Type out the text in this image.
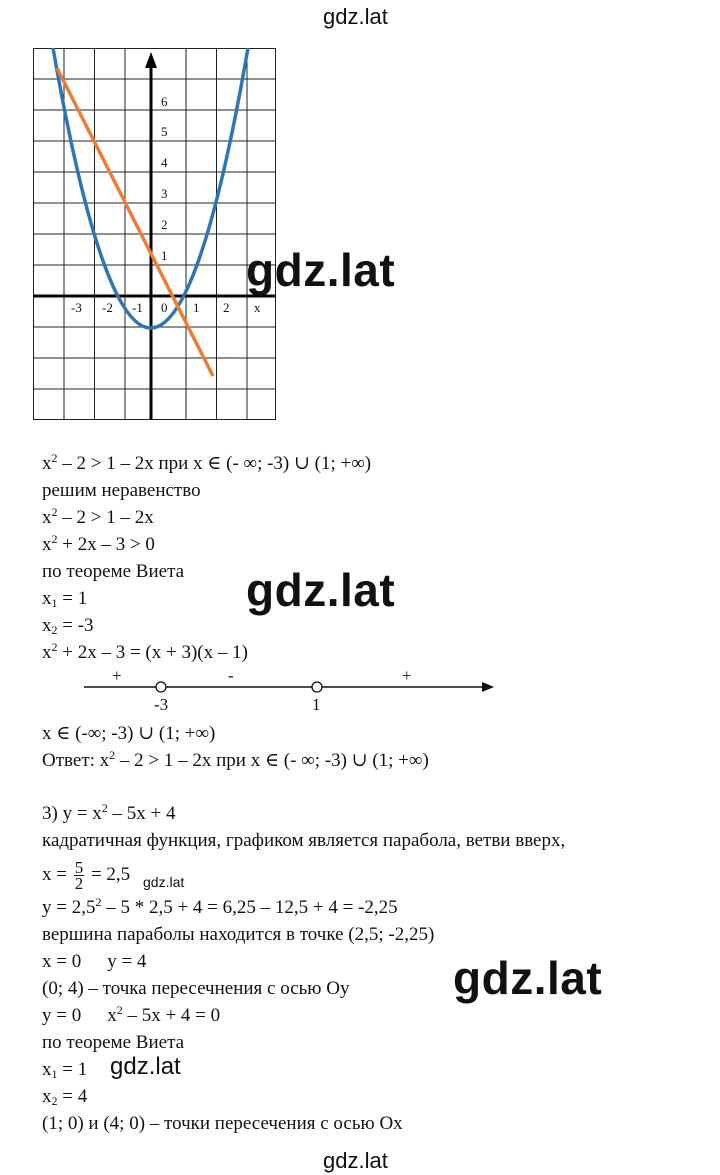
gdz.lat
6
5
4
3
2
1
-3 -2 -1 0 1 2 x
gdz.lat
$x^2 - 2 > 1 - 2x$ при x ∈ (- ∞; -3) ∪ (1; +∞)
решим неравенство
$x^2 - 2 > 1 - 2x$
$x^2 + 2x - 3 > 0$
по теореме Виета
$x_1 = 1$
$x_2 = -3$
$x^2 + 2x - 3 = (x + 3)(x - 1)$
gdz.lat
+	-	+
-3	1
x ∈ (-∞; -3) ∪ (1; +∞)
Ответ: $x^2 - 2 > 1 - 2x$ при x ∈ (- ∞; -3) ∪ (1; +∞)
3) $y = x^2 - 5x + 4$
кадратичная функция, графиком является парабола, ветви вверх,
$x = \frac{5}{2} = 2,5$ gdz.lat
$y = 2,5^2 - 5 * 2,5 + 4 = 6,25 - 12,5 + 4 = -2,25$
вершина параболы находится в точке (2,5; -2,25)
x = 0 y = 4
(0; 4) – точка пересечнения с осью Оy
y = 0 $x^2 - 5x + 4 = 0$
по теореме Виета
$x_1 = 1$
$x_2 = 4$
(1; 0) и (4; 0) – точки пересечения с осью Ох
gdz.lat
gdz.lat
gdz.lat
